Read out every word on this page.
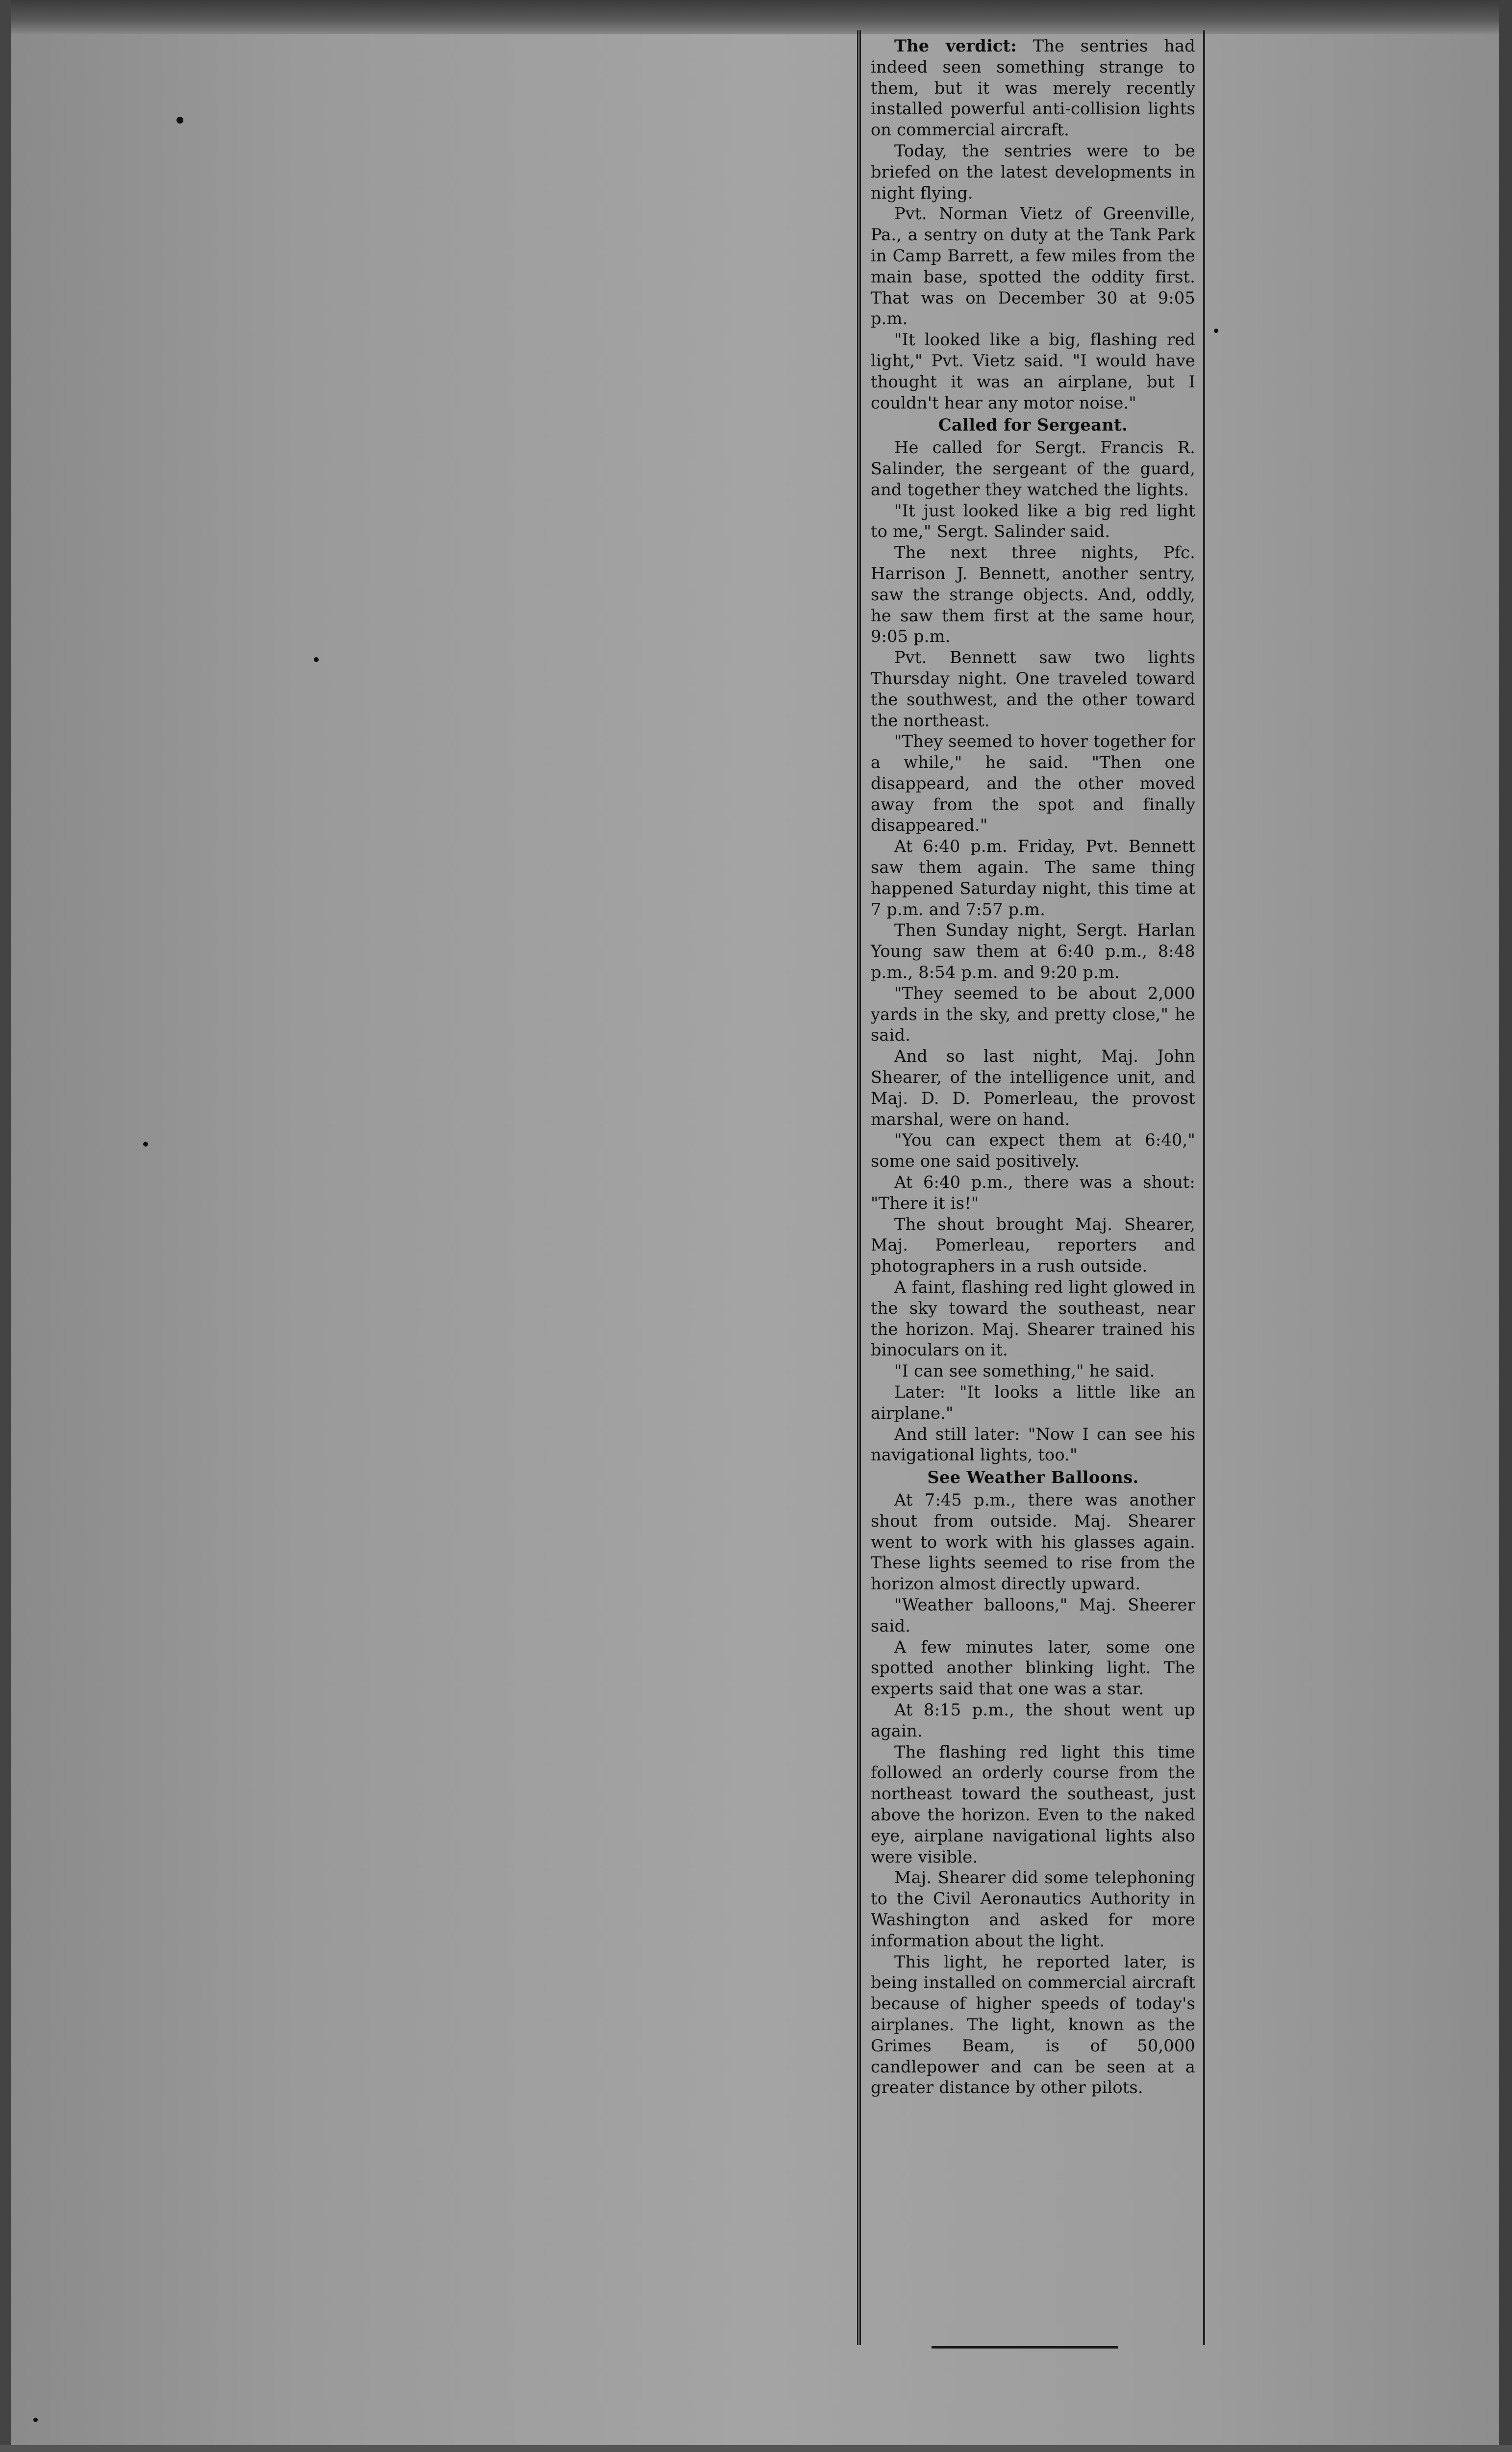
The verdict: The sentries had indeed seen something strange to them, but it was merely recently installed powerful anti-collision lights on commercial aircraft.

Today, the sentries were to be briefed on the latest developments in night flying.

Pvt. Norman Vietz of Greenville, Pa., a sentry on duty at the Tank Park in Camp Barrett, a few miles from the main base, spotted the oddity first. That was on December 30 at 9:05 p.m.

"It looked like a big, flashing red light," Pvt. Vietz said. "I would have thought it was an airplane, but I couldn't hear any motor noise."

Called for Sergeant.

He called for Sergt. Francis R. Salinder, the sergeant of the guard, and together they watched the lights.

"It just looked like a big red light to me," Sergt. Salinder said.

The next three nights, Pfc. Harrison J. Bennett, another sentry, saw the strange objects. And, oddly, he saw them first at the same hour, 9:05 p.m.

Pvt. Bennett saw two lights Thursday night. One traveled toward the southwest, and the other toward the northeast.

"They seemed to hover together for a while," he said. "Then one disappeard, and the other moved away from the spot and finally disappeared."

At 6:40 p.m. Friday, Pvt. Bennett saw them again. The same thing happened Saturday night, this time at 7 p.m. and 7:57 p.m.

Then Sunday night, Sergt. Harlan Young saw them at 6:40 p.m., 8:48 p.m., 8:54 p.m. and 9:20 p.m.

"They seemed to be about 2,000 yards in the sky, and pretty close," he said.

And so last night, Maj. John Shearer, of the intelligence unit, and Maj. D. D. Pomerleau, the provost marshal, were on hand.

"You can expect them at 6:40," some one said positively.

At 6:40 p.m., there was a shout: "There it is!"

The shout brought Maj. Shearer, Maj. Pomerleau, reporters and photographers in a rush outside.

A faint, flashing red light glowed in the sky toward the southeast, near the horizon. Maj. Shearer trained his binoculars on it.

"I can see something," he said.

Later: "It looks a little like an airplane."

And still later: "Now I can see his navigational lights, too."

See Weather Balloons.

At 7:45 p.m., there was another shout from outside. Maj. Shearer went to work with his glasses again. These lights seemed to rise from the horizon almost directly upward.

"Weather balloons," Maj. Sheerer said.

A few minutes later, some one spotted another blinking light. The experts said that one was a star.

At 8:15 p.m., the shout went up again.

The flashing red light this time followed an orderly course from the northeast toward the southeast, just above the horizon. Even to the naked eye, airplane navigational lights also were visible.

Maj. Shearer did some telephoning to the Civil Aeronautics Authority in Washington and asked for more information about the light.

This light, he reported later, is being installed on commercial aircraft because of higher speeds of today's airplanes. The light, known as the Grimes Beam, is of 50,000 candlepower and can be seen at a greater distance by other pilots.
